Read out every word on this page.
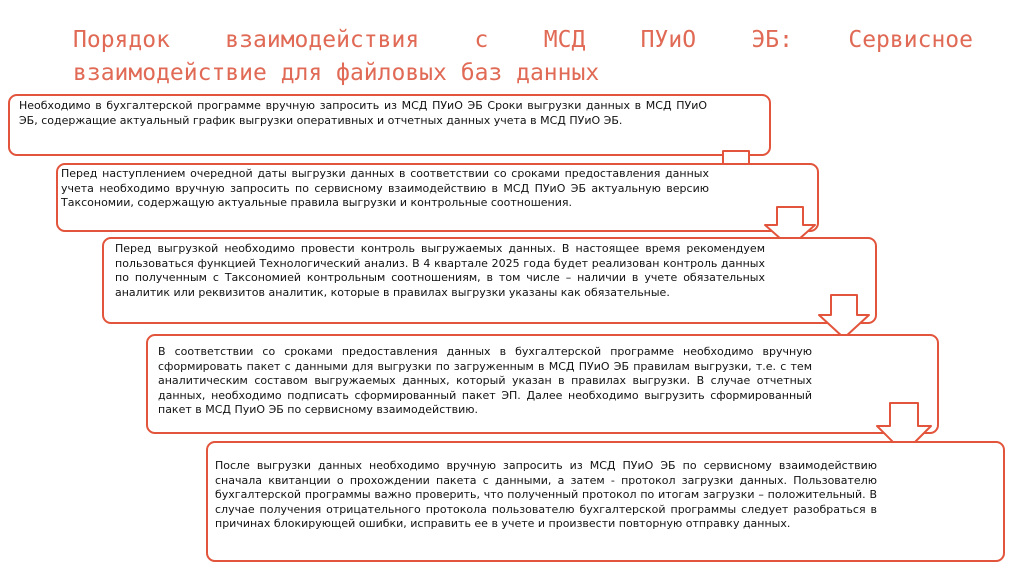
Порядок взаимодействия с МСД ПУиО ЭБ: Сервисное
взаимодействие для файловых баз данных

Необходимо в бухгалтерской программе вручную запросить из МСД ПУиО ЭБ Сроки выгрузки данных в МСД ПУиО ЭБ, содержащие актуальный график выгрузки оперативных и отчетных данных учета в МСД ПУиО ЭБ.

Перед наступлением очередной даты выгрузки данных в соответствии со сроками предоставления данных учета необходимо вручную запросить по сервисному взаимодействию в МСД ПУиО ЭБ актуальную версию Таксономии, содержащую актуальные правила выгрузки и контрольные соотношения.

Перед выгрузкой необходимо провести контроль выгружаемых данных. В настоящее время рекомендуем пользоваться функцией Технологический анализ. В 4 квартале 2025 года будет реализован контроль данных по полученным с Таксономией контрольным соотношениям, в том числе – наличии в учете обязательных аналитик или реквизитов аналитик, которые в правилах выгрузки указаны как обязательные.

В соответствии со сроками предоставления данных в бухгалтерской программе необходимо вручную сформировать пакет с данными для выгрузки по загруженным в МСД ПУиО ЭБ правилам выгрузки, т.е. с тем аналитическим составом выгружаемых данных, который указан в правилах выгрузки. В случае отчетных данных, необходимо подписать сформированный пакет ЭП. Далее необходимо выгрузить сформированный пакет в МСД ПуиО ЭБ по сервисному взаимодействию.

После выгрузки данных необходимо вручную запросить из МСД ПУиО ЭБ по сервисному взаимодействию сначала квитанции о прохождении пакета с данными, а затем - протокол загрузки данных. Пользователю бухгалтерской программы важно проверить, что полученный протокол по итогам загрузки – положительный. В случае получения отрицательного протокола пользователю бухгалтерской программы следует разобраться в причинах блокирующей ошибки, исправить ее в учете и произвести повторную отправку данных.
